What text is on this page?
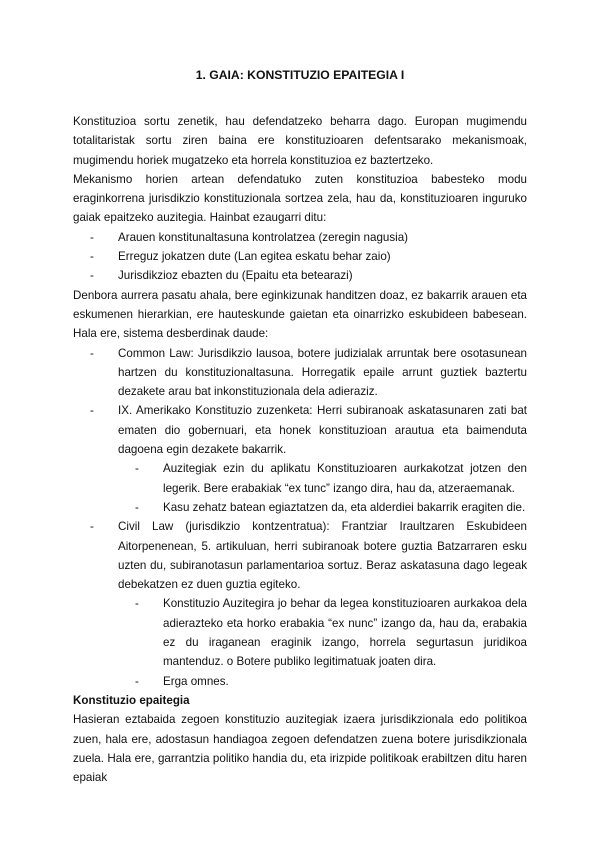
1. GAIA: KONSTITUZIO EPAITEGIA I

Konstituzioa sortu zenetik, hau defendatzeko beharra dago. Europan mugimendu totalitaristak sortu ziren baina ere konstituzioaren defentsarako mekanismoak, mugimendu horiek mugatzeko eta horrela konstituzioa ez baztertzeko.

Mekanismo horien artean defendatuko zuten konstituzioa babesteko modu eraginkorrena jurisdikzio konstituzionala sortzea zela, hau da, konstituzioaren inguruko gaiak epaitzeko auzitegia. Hainbat ezaugarri ditu:

- Arauen konstitunaltasuna kontrolatzea (zeregin nagusia)
- Erreguz jokatzen dute (Lan egitea eskatu behar zaio)
- Jurisdikzioz ebazten du (Epaitu eta betearazi)

Denbora aurrera pasatu ahala, bere eginkizunak handitzen doaz, ez bakarrik arauen eta eskumenen hierarkian, ere hauteskunde gaietan eta oinarrizko eskubideen babesean. Hala ere, sistema desberdinak daude:

- Common Law: Jurisdikzio lausoa, botere judizialak arruntak bere osotasunean hartzen du konstituzionaltasuna. Horregatik epaile arrunt guztiek baztertu dezakete arau bat inkonstituzionala dela adieraziz.
- IX. Amerikako Konstituzio zuzenketa: Herri subiranoak askatasunaren zati bat ematen dio gobernuari, eta honek konstituzioan arautua eta baimenduta dagoena egin dezakete bakarrik.
- Auzitegiak ezin du aplikatu Konstituzioaren aurkakotzat jotzen den legerik. Bere erabakiak “ex tunc” izango dira, hau da, atzeraemanak.
- Kasu zehatz batean egiaztatzen da, eta alderdiei bakarrik eragiten die.
- Civil Law (jurisdikzio kontzentratua): Frantziar Iraultzaren Eskubideen Aitorpenenean, 5. artikuluan, herri subiranoak botere guztia Batzarraren esku uzten du, subiranotasun parlamentarioa sortuz. Beraz askatasuna dago legeak debekatzen ez duen guztia egiteko.
- Konstituzio Auzitegira jo behar da legea konstituzioaren aurkakoa dela adierazteko eta horko erabakia “ex nunc” izango da, hau da, erabakia ez du iraganean eraginik izango, horrela segurtasun juridikoa mantenduz. o Botere publiko legitimatuak joaten dira.
- Erga omnes.

Konstituzio epaitegia

Hasieran eztabaida zegoen konstituzio auzitegiak izaera jurisdikzionala edo politikoa zuen, hala ere, adostasun handiagoa zegoen defendatzen zuena botere jurisdikzionala zuela. Hala ere, garrantzia politiko handia du, eta irizpide politikoak erabiltzen ditu haren epaiak
